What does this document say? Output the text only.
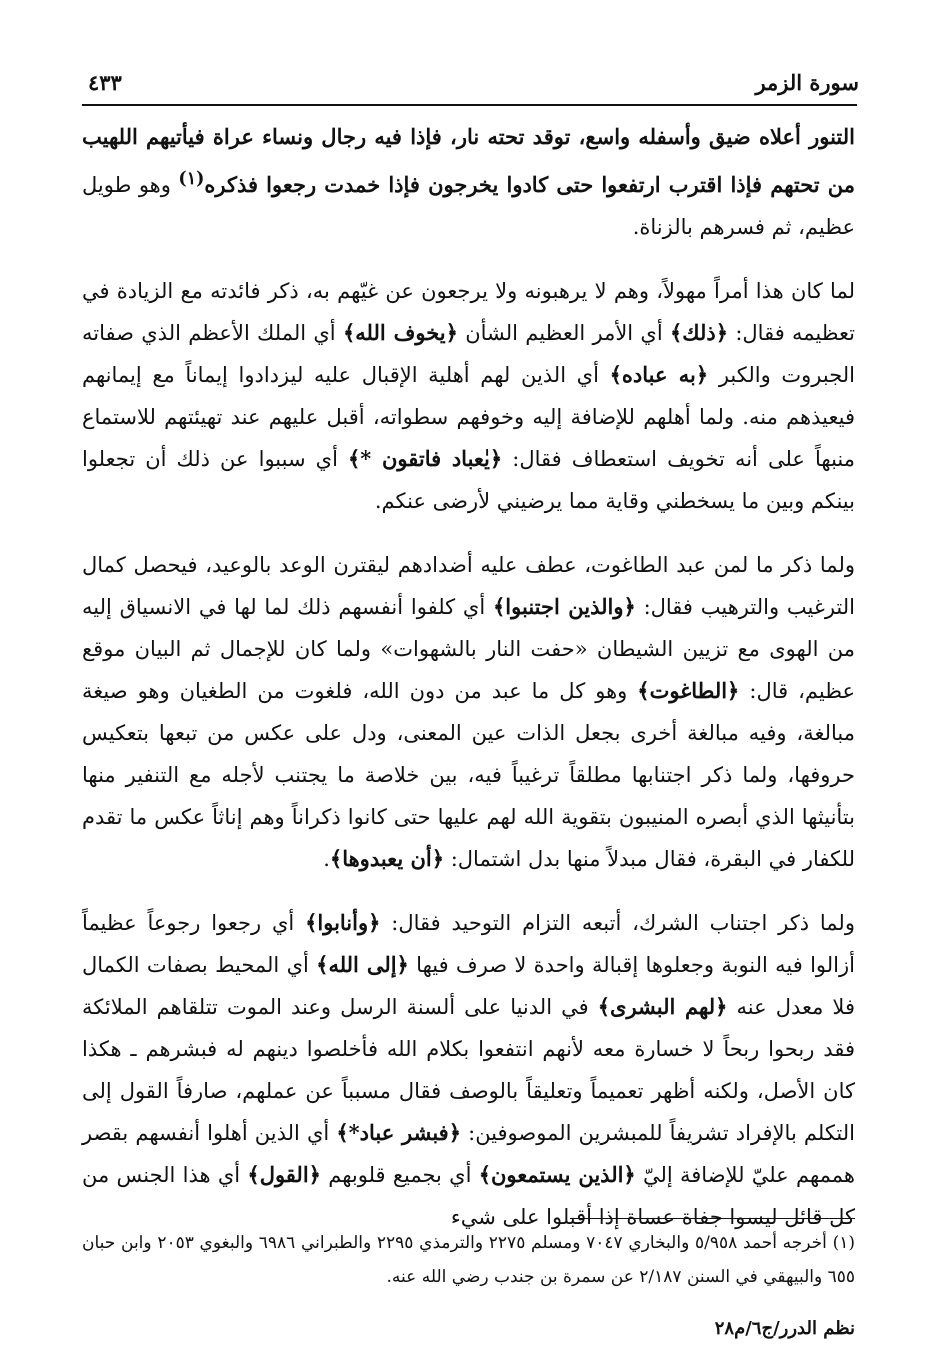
سورة الزمر
٤٣٣

التنور أعلاه ضيق وأسفله واسع، توقد تحته نار، فإذا فيه رجال ونساء عراة فيأتيهم اللهيب من تحتهم فإذا اقترب ارتفعوا حتى كادوا يخرجون فإذا خمدت رجعوا فذكره$^{(١)}$ وهو طويل عظيم، ثم فسرهم بالزناة.

لما كان هذا أمراً مهولاً، وهم لا يرهبونه ولا يرجعون عن غيّهم به، ذكر فائدته مع الزيادة في تعظيمه فقال: ﴿ذلك﴾ أي الأمر العظيم الشأن ﴿يخوف الله﴾ أي الملك الأعظم الذي صفاته الجبروت والكبر ﴿به عباده﴾ أي الذين لهم أهلية الإقبال عليه ليزدادوا إيماناً مع إيمانهم فيعيذهم منه. ولما أهلهم للإضافة إليه وخوفهم سطواته، أقبل عليهم عند تهيئتهم للاستماع منبهاً على أنه تخويف استعطاف فقال: ﴿يٰعباد فاتقون *﴾ أي سببوا عن ذلك أن تجعلوا بينكم وبين ما يسخطني وقاية مما يرضيني لأرضى عنكم.

ولما ذكر ما لمن عبد الطاغوت، عطف عليه أضدادهم ليقترن الوعد بالوعيد، فيحصل كمال الترغيب والترهيب فقال: ﴿والذين اجتنبوا﴾ أي كلفوا أنفسهم ذلك لما لها في الانسياق إليه من الهوى مع تزيين الشيطان «حفت النار بالشهوات» ولما كان للإجمال ثم البيان موقع عظيم، قال: ﴿الطاغوت﴾ وهو كل ما عبد من دون الله، فلغوت من الطغيان وهو صيغة مبالغة، وفيه مبالغة أخرى بجعل الذات عين المعنى، ودل على عكس من تبعها بتعكيس حروفها، ولما ذكر اجتنابها مطلقاً ترغيباً فيه، بين خلاصة ما يجتنب لأجله مع التنفير منها بتأنيثها الذي أبصره المنيبون بتقوية الله لهم عليها حتى كانوا ذكراناً وهم إناثاً عكس ما تقدم للكفار في البقرة، فقال مبدلاً منها بدل اشتمال: ﴿أن يعبدوها﴾.

ولما ذكر اجتناب الشرك، أتبعه التزام التوحيد فقال: ﴿وأنابوا﴾ أي رجعوا رجوعاً عظيماً أزالوا فيه النوبة وجعلوها إقبالة واحدة لا صرف فيها ﴿إلى الله﴾ أي المحيط بصفات الكمال فلا معدل عنه ﴿لهم البشرى﴾ في الدنيا على ألسنة الرسل وعند الموت تتلقاهم الملائكة فقد ربحوا ربحاً لا خسارة معه لأنهم انتفعوا بكلام الله فأخلصوا دينهم له فبشرهم ـ هكذا كان الأصل، ولكنه أظهر تعميماً وتعليقاً بالوصف فقال مسبباً عن عملهم، صارفاً القول إلى التكلم بالإفراد تشريفاً للمبشرين الموصوفين: ﴿فبشر عباد*﴾ أي الذين أهلوا أنفسهم بقصر هممهم عليّ للإضافة إليّ ﴿الذين يستمعون﴾ أي بجميع قلوبهم ﴿القول﴾ أي هذا الجنس من كل قائل ليسوا جفاة عساة إذا أقبلوا على شيء

(١) أخرجه أحمد ٥/٩٥٨ والبخاري ٧٠٤٧ ومسلم ٢٢٧٥ والترمذي ٢٢٩٥ والطبراني ٦٩٨٦ والبغوي ٢٠٥٣ وابن حبان ٦٥٥ والبيهقي في السنن ٢/١٨٧ عن سمرة بن جندب رضي الله عنه.
نظم الدرر/ج٦/م٢٨
